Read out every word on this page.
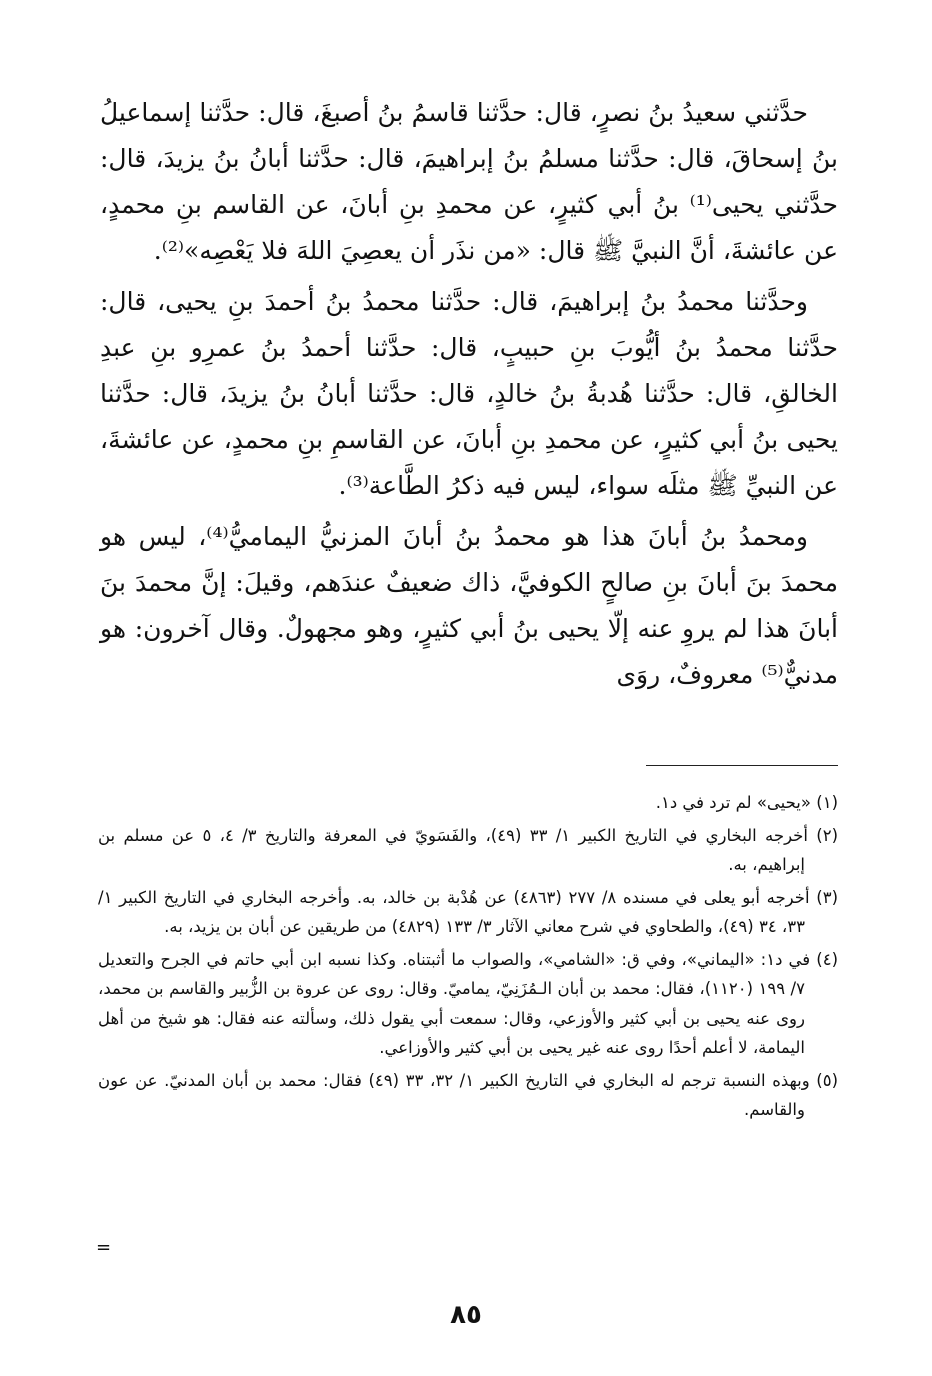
حدَّثني سعيدُ بنُ نصرٍ، قال: حدَّثنا قاسمُ بنُ أصبغَ، قال: حدَّثنا إسماعيلُ بنُ إسحاقَ، قال: حدَّثنا مسلمُ بنُ إبراهيمَ، قال: حدَّثنا أبانُ بنُ يزيدَ، قال: حدَّثني يحيى⁽¹⁾ بنُ أبي كثيرٍ، عن محمدِ بنِ أبانَ، عن القاسم بنِ محمدٍ، عن عائشةَ، أنَّ النبيَّ ﷺ قال: «من نذَر أن يعصِيَ اللهَ فلا يَعْصِه»⁽²⁾.

وحدَّثنا محمدُ بنُ إبراهيمَ، قال: حدَّثنا محمدُ بنُ أحمدَ بنِ يحيى، قال: حدَّثنا محمدُ بنُ أيُّوبَ بنِ حبيبٍ، قال: حدَّثنا أحمدُ بنُ عمرِو بنِ عبدِ الخالقِ، قال: حدَّثنا هُدبةُ بنُ خالدٍ، قال: حدَّثنا أبانُ بنُ يزيدَ، قال: حدَّثنا يحيى بنُ أبي كثيرٍ، عن محمدِ بنِ أبانَ، عن القاسمِ بنِ محمدٍ، عن عائشةَ، عن النبيِّ ﷺ مثلَه سواء، ليس فيه ذكرُ الطَّاعة⁽³⁾.

ومحمدُ بنُ أبانَ هذا هو محمدُ بنُ أبانَ المزنيُّ اليماميُّ⁽⁴⁾، ليس هو محمدَ بنَ أبانَ بنِ صالحٍ الكوفيَّ، ذاك ضعيفٌ عندَهم، وقيلَ: إنَّ محمدَ بنَ أبانَ هذا لم يروِ عنه إلّا يحيى بنُ أبي كثيرٍ، وهو مجهولٌ. وقال آخرون: هو مدنيٌّ⁽⁵⁾ معروفٌ، روَى

(١) «يحيى» لم ترد في د١.
(٢) أخرجه البخاري في التاريخ الكبير ١/ ٣٣ (٤٩)، والفَسَويّ في المعرفة والتاريخ ٣/ ٤، ٥ عن مسلم بن إبراهيم، به.
(٣) أخرجه أبو يعلى في مسنده ٨/ ٢٧٧ (٤٨٦٣) عن هُدْبة بن خالد، به. وأخرجه البخاري في التاريخ الكبير ١/ ٣٣، ٣٤ (٤٩)، والطحاوي في شرح معاني الآثار ٣/ ١٣٣ (٤٨٢٩) من طريقين عن أبان بن يزيد، به.
(٤) في د١: «اليماني»، وفي ق: «الشامي»، والصواب ما أثبتناه. وكذا نسبه ابن أبي حاتم في الجرح والتعديل ٧/ ١٩٩ (١١٢٠)، فقال: محمد بن أبان الـمُزَنِيّ، يماميّ. وقال: روى عن عروة بن الزُّبير والقاسم بن محمد، روى عنه يحيى بن أبي كثير والأوزعي، وقال: سمعت أبي يقول ذلك، وسألته عنه فقال: هو شيخ من أهل اليمامة، لا أعلم أحدًا روى عنه غير يحيى بن أبي كثير والأوزاعي.
(٥) وبهذه النسبة ترجم له البخاري في التاريخ الكبير ١/ ٣٢، ٣٣ (٤٩) فقال: محمد بن أبان المدنيّ. عن عون والقاسم.
=
٨٥
